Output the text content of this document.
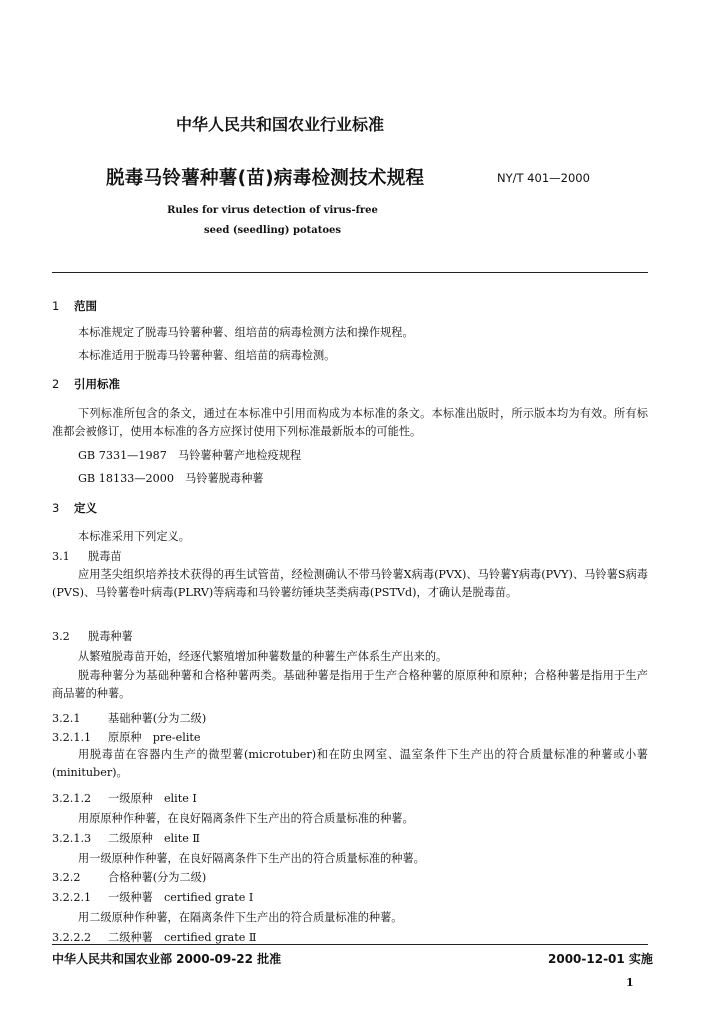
中华人民共和国农业行业标准
脱毒马铃薯种薯(苗)病毒检测技术规程	NY/T 401—2000
Rules for virus detection of virus-free
seed (seedling) potatoes
1 范围
本标准规定了脱毒马铃薯种薯、组培苗的病毒检测方法和操作规程。
本标准适用于脱毒马铃薯种薯、组培苗的病毒检测。
2 引用标准
下列标准所包含的条文，通过在本标准中引用而构成为本标准的条文。本标准出版时，所示版本均为有效。所有标准都会被修订，使用本标准的各方应探讨使用下列标准最新版本的可能性。
GB 7331—1987　马铃薯种薯产地检疫规程
GB 18133—2000　马铃薯脱毒种薯
3 定义
本标准采用下列定义。
3.1 脱毒苗
应用茎尖组织培养技术获得的再生试管苗，经检测确认不带马铃薯X病毒(PVX)、马铃薯Y病毒(PVY)、马铃薯S病毒(PVS)、马铃薯卷叶病毒(PLRV)等病毒和马铃薯纺锤块茎类病毒(PSTVd)，才确认是脱毒苗。
3.2 脱毒种薯
从繁殖脱毒苗开始，经逐代繁殖增加种薯数量的种薯生产体系生产出来的。
脱毒种薯分为基础种薯和合格种薯两类。基础种薯是指用于生产合格种薯的原原种和原种；合格种薯是指用于生产商品薯的种薯。
3.2.1 基础种薯(分为二级)
3.2.1.1 原原种　pre-elite
用脱毒苗在容器内生产的微型薯(microtuber)和在防虫网室、温室条件下生产出的符合质量标准的种薯或小薯(minituber)。
3.2.1.2 一级原种　elite Ⅰ
用原原种作种薯，在良好隔离条件下生产出的符合质量标准的种薯。
3.2.1.3 二级原种　elite Ⅱ
用一级原种作种薯，在良好隔离条件下生产出的符合质量标准的种薯。
3.2.2 合格种薯(分为二级)
3.2.2.1 一级种薯　certified grate Ⅰ
用二级原种作种薯，在隔离条件下生产出的符合质量标准的种薯。
3.2.2.2 二级种薯　certified grate Ⅱ
中华人民共和国农业部 2000-09-22 批准	2000-12-01 实施
1
